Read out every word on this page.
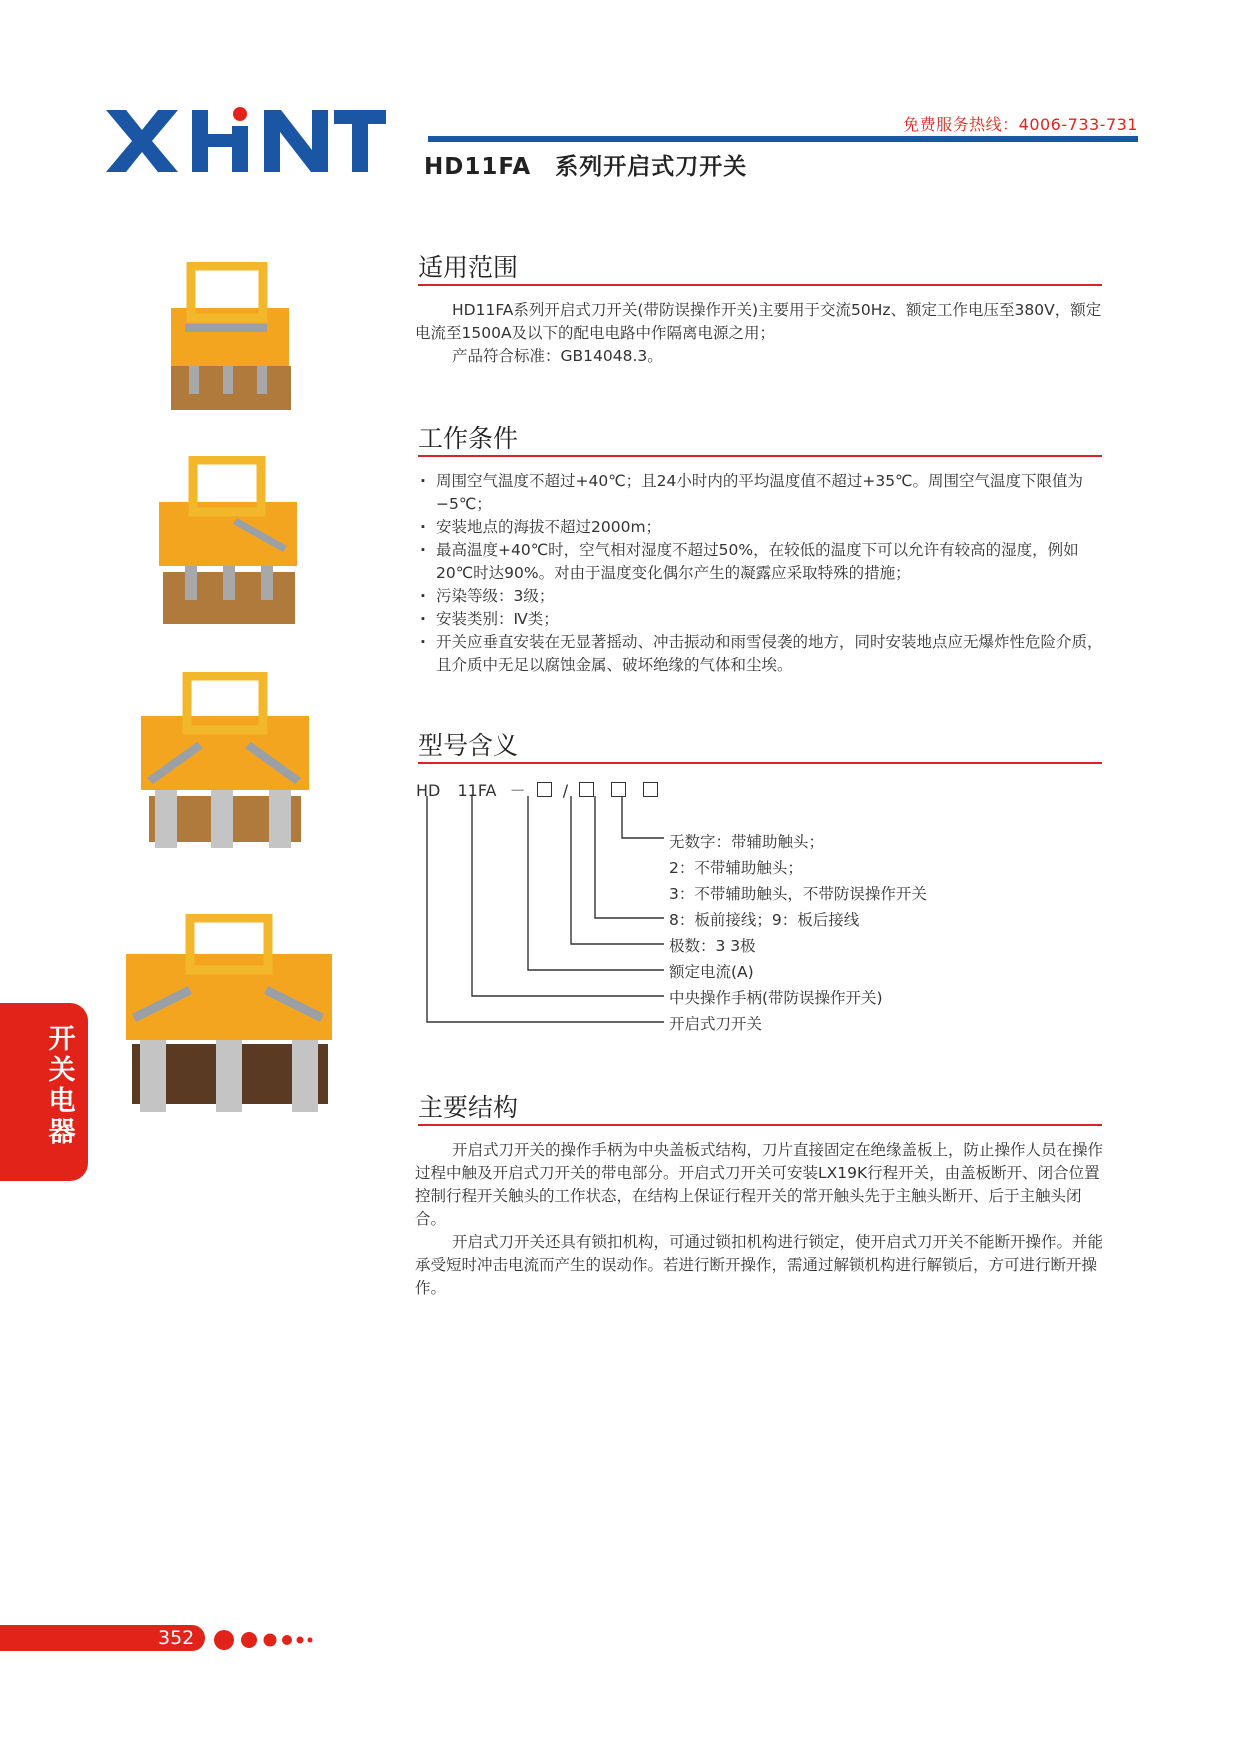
免费服务热线：4006-733-731
HD11FA　系列开启式刀开关
适用范围

HD11FA系列开启式刀开关(带防误操作开关)主要用于交流50Hz、额定工作电压至380V，额定电流至1500A及以下的配电电路中作隔离电源之用；

产品符合标准：GB14048.3。

工作条件
· 周围空气温度不超过+40℃；且24小时内的平均温度值不超过+35℃。周围空气温度下限值为−5℃；
· 安装地点的海拔不超过2000m；
· 最高温度+40℃时，空气相对湿度不超过50%，在较低的温度下可以允许有较高的湿度，例如20℃时达90%。对由于温度变化偶尔产生的凝露应采取特殊的措施；
· 污染等级：3级；
· 安装类别：Ⅳ类；
· 开关应垂直安装在无显著摇动、冲击振动和雨雪侵袭的地方，同时安装地点应无爆炸性危险介质，且介质中无足以腐蚀金属、破坏绝缘的气体和尘埃。
型号含义
HD 11FA － /
无数字：带辅助触头；
2：不带辅助触头；
3：不带辅助触头，不带防误操作开关
8：板前接线；9：板后接线
极数：3 3极
额定电流(A)
中央操作手柄(带防误操作开关)
开启式刀开关
主要结构

开启式刀开关的操作手柄为中央盖板式结构，刀片直接固定在绝缘盖板上，防止操作人员在操作过程中触及开启式刀开关的带电部分。开启式刀开关可安装LX19K行程开关，由盖板断开、闭合位置控制行程开关触头的工作状态，在结构上保证行程开关的常开触头先于主触头断开、后于主触头闭合。

开启式刀开关还具有锁扣机构，可通过锁扣机构进行锁定，使开启式刀开关不能断开操作。并能承受短时冲击电流而产生的误动作。若进行断开操作，需通过解锁机构进行解锁后，方可进行断开操作。

开关电器
352
